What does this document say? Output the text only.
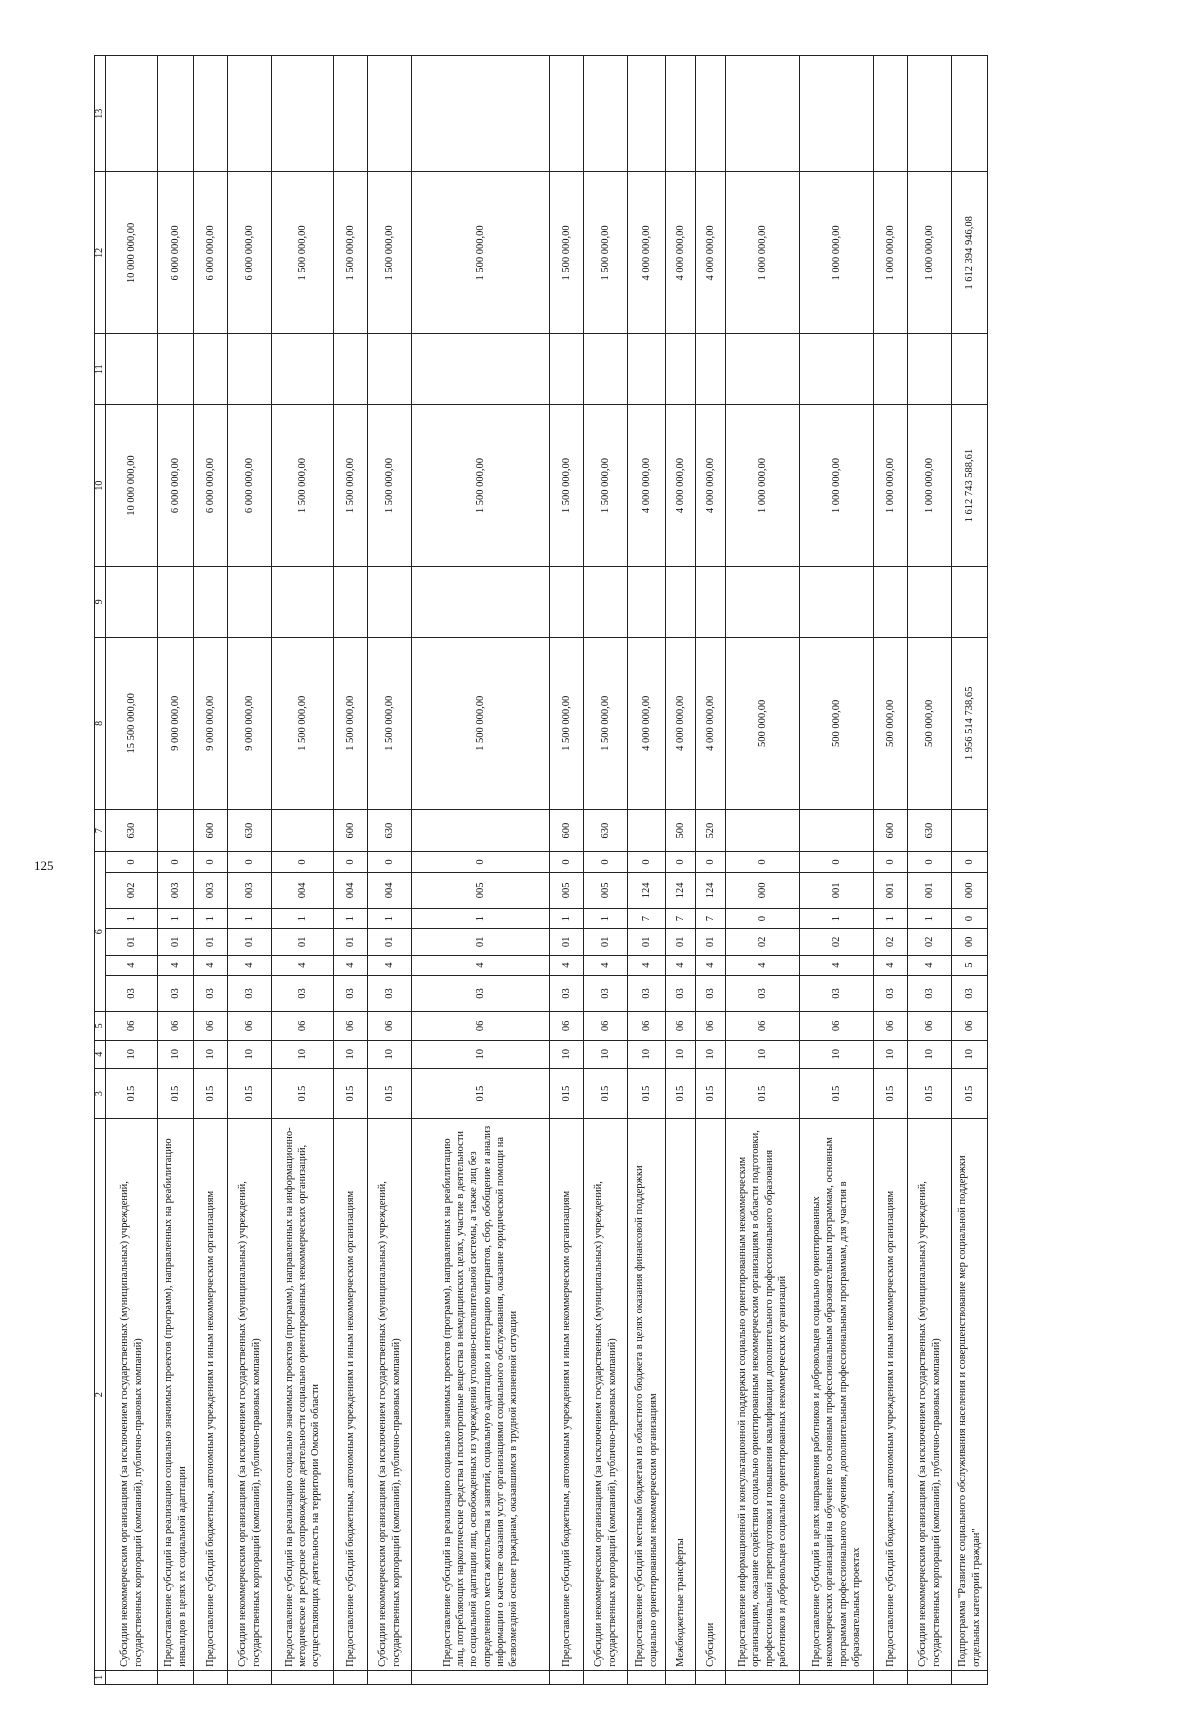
125
1	2	3	4	5	6						7	8	9	10	11	12	13
	Субсидии некоммерческим организациям (за исключением государственных (муниципальных) учреждений, государственных корпораций (компаний), публично-правовых компаний)	015	10	06	03	4	01	1	002	0	630	15 500 000,00		10 000 000,00		10 000 000,00	
	Предоставление субсидий на реализацию социально значимых проектов (программ), направленных на реабилитацию инвалидов в целях их социальной адаптации	015	10	06	03	4	01	1	003	0		9 000 000,00		6 000 000,00		6 000 000,00	
	Предоставление субсидий бюджетным, автономным учреждениям и иным некоммерческим организациям	015	10	06	03	4	01	1	003	0	600	9 000 000,00		6 000 000,00		6 000 000,00	
	Субсидии некоммерческим организациям (за исключением государственных (муниципальных) учреждений, государственных корпораций (компаний), публично-правовых компаний)	015	10	06	03	4	01	1	003	0	630	9 000 000,00		6 000 000,00		6 000 000,00	
	Предоставление субсидий на реализацию социально значимых проектов (программ), направленных на информационно-методическое и ресурсное сопровождение деятельности социально ориентированных некоммерческих организаций, осуществляющих деятельность на территории Омской области	015	10	06	03	4	01	1	004	0		1 500 000,00		1 500 000,00		1 500 000,00	
	Предоставление субсидий бюджетным, автономным учреждениям и иным некоммерческим организациям	015	10	06	03	4	01	1	004	0	600	1 500 000,00		1 500 000,00		1 500 000,00	
	Субсидии некоммерческим организациям (за исключением государственных (муниципальных) учреждений, государственных корпораций (компаний), публично-правовых компаний)	015	10	06	03	4	01	1	004	0	630	1 500 000,00		1 500 000,00		1 500 000,00	
	Предоставление субсидий на реализацию социально значимых проектов (программ), направленных на реабилитацию лиц, потребляющих наркотические средства и психотропные вещества в немедицинских целях, участие в деятельности по социальной адаптации лиц, освобожденных из учреждений уголовно-исполнительной системы, а также лиц без определенного места жительства и занятий, социальную адаптацию и интеграцию мигрантов, сбор, обобщение и анализ информации о качестве оказания услуг организациями социального обслуживания, оказание юридической помощи на безвозмездной основе гражданам, оказавшимся в трудной жизненной ситуации	015	10	06	03	4	01	1	005	0		1 500 000,00		1 500 000,00		1 500 000,00	
	Предоставление субсидий бюджетным, автономным учреждениям и иным некоммерческим организациям	015	10	06	03	4	01	1	005	0	600	1 500 000,00		1 500 000,00		1 500 000,00	
	Субсидии некоммерческим организациям (за исключением государственных (муниципальных) учреждений, государственных корпораций (компаний), публично-правовых компаний)	015	10	06	03	4	01	1	005	0	630	1 500 000,00		1 500 000,00		1 500 000,00	
	Предоставление субсидий местным бюджетам из областного бюджета в целях оказания финансовой поддержки социально ориентированным некоммерческим организациям	015	10	06	03	4	01	7	124	0		4 000 000,00		4 000 000,00		4 000 000,00	
	Межбюджетные трансферты	015	10	06	03	4	01	7	124	0	500	4 000 000,00		4 000 000,00		4 000 000,00	
	Субсидии	015	10	06	03	4	01	7	124	0	520	4 000 000,00		4 000 000,00		4 000 000,00	
	Предоставление информационной и консультационной поддержки социально ориентированным некоммерческим организациям, оказание содействия социально ориентированным некоммерческим организациям в области подготовки, профессиональной переподготовки и повышения квалификации дополнительного профессионального образования работников и добровольцев социально ориентированных некоммерческих организаций	015	10	06	03	4	02	0	000	0		500 000,00		1 000 000,00		1 000 000,00	
	Предоставление субсидий в целях направления работников и добровольцев социально ориентированных некоммерческих организаций на обучение по основным профессиональным образовательным программам, основным программам профессионального обучения, дополнительным профессиональным программам, для участия в образовательных проектах	015	10	06	03	4	02	1	001	0		500 000,00		1 000 000,00		1 000 000,00	
	Предоставление субсидий бюджетным, автономным учреждениям и иным некоммерческим организациям	015	10	06	03	4	02	1	001	0	600	500 000,00		1 000 000,00		1 000 000,00	
	Субсидии некоммерческим организациям (за исключением государственных (муниципальных) учреждений, государственных корпораций (компаний), публично-правовых компаний)	015	10	06	03	4	02	1	001	0	630	500 000,00		1 000 000,00		1 000 000,00	
	Подпрограмма "Развитие социального обслуживания населения и совершенствование мер социальной поддержки отдельных категорий граждан"	015	10	06	03	5	00	0	000	0		1 956 514 738,65		1 612 743 588,61		1 612 394 946,08	
